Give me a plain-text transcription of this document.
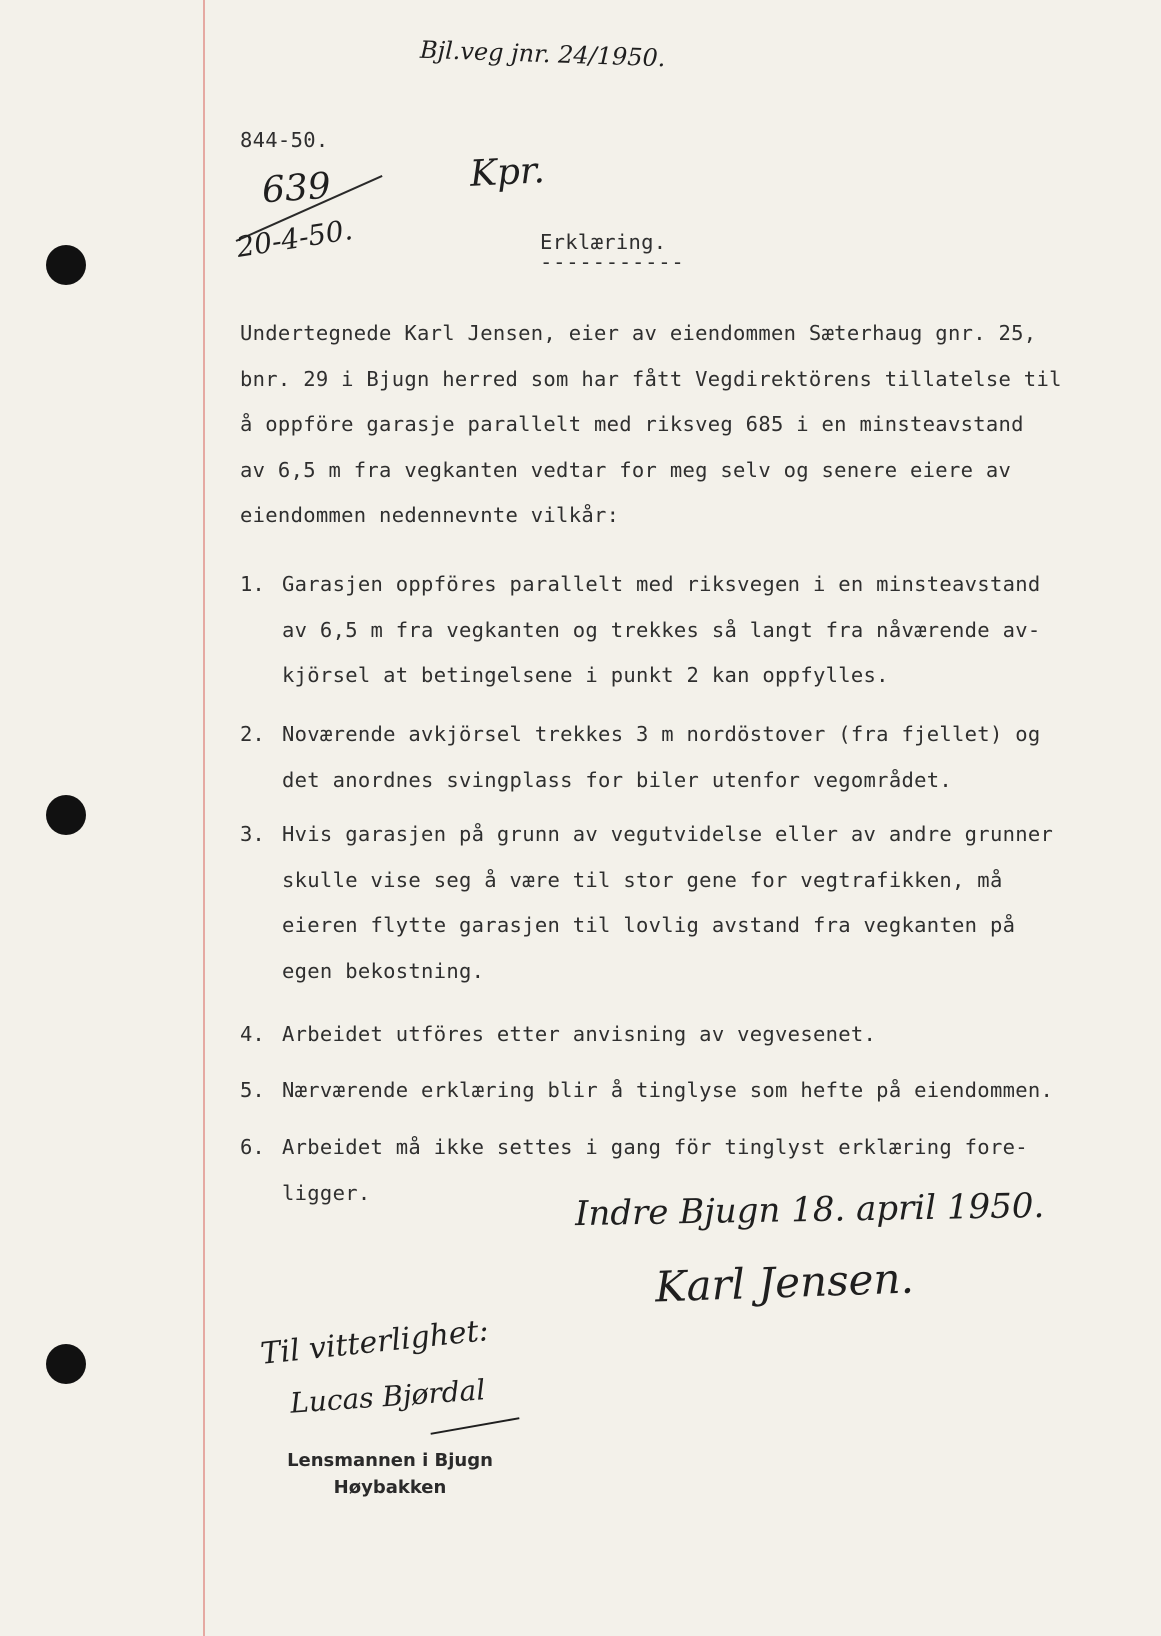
Bjl.veg jnr. 24/1950.
844-50.
639
20-4-50.
Kpr.
Erklæring.
-----------
Undertegnede Karl Jensen, eier av eiendommen Sæterhaug gnr. 25,
bnr. 29 i Bjugn herred som har fått Vegdirektörens tillatelse til
å oppföre garasje parallelt med riksveg 685 i en minsteavstand
av 6,5 m fra vegkanten vedtar for meg selv og senere eiere av
eiendommen nedennevnte vilkår:
1. Garasjen oppföres parallelt med riksvegen i en minsteavstand
av 6,5 m fra vegkanten og trekkes så langt fra nåværende av-
kjörsel at betingelsene i punkt 2 kan oppfylles.
2. Noværende avkjörsel trekkes 3 m nordöstover (fra fjellet) og
det anordnes svingplass for biler utenfor vegområdet.
3. Hvis garasjen på grunn av vegutvidelse eller av andre grunner
skulle vise seg å være til stor gene for vegtrafikken, må
eieren flytte garasjen til lovlig avstand fra vegkanten på
egen bekostning.
4. Arbeidet utföres etter anvisning av vegvesenet.
5. Nærværende erklæring blir å tinglyse som hefte på eiendommen.
6. Arbeidet må ikke settes i gang för tinglyst erklæring fore-
ligger.	Indre Bjugn 18. april 1950.
Karl Jensen.
Til vitterlighet:
Lucas Bjørdal
Lensmannen i Bjugn
Høybakken
